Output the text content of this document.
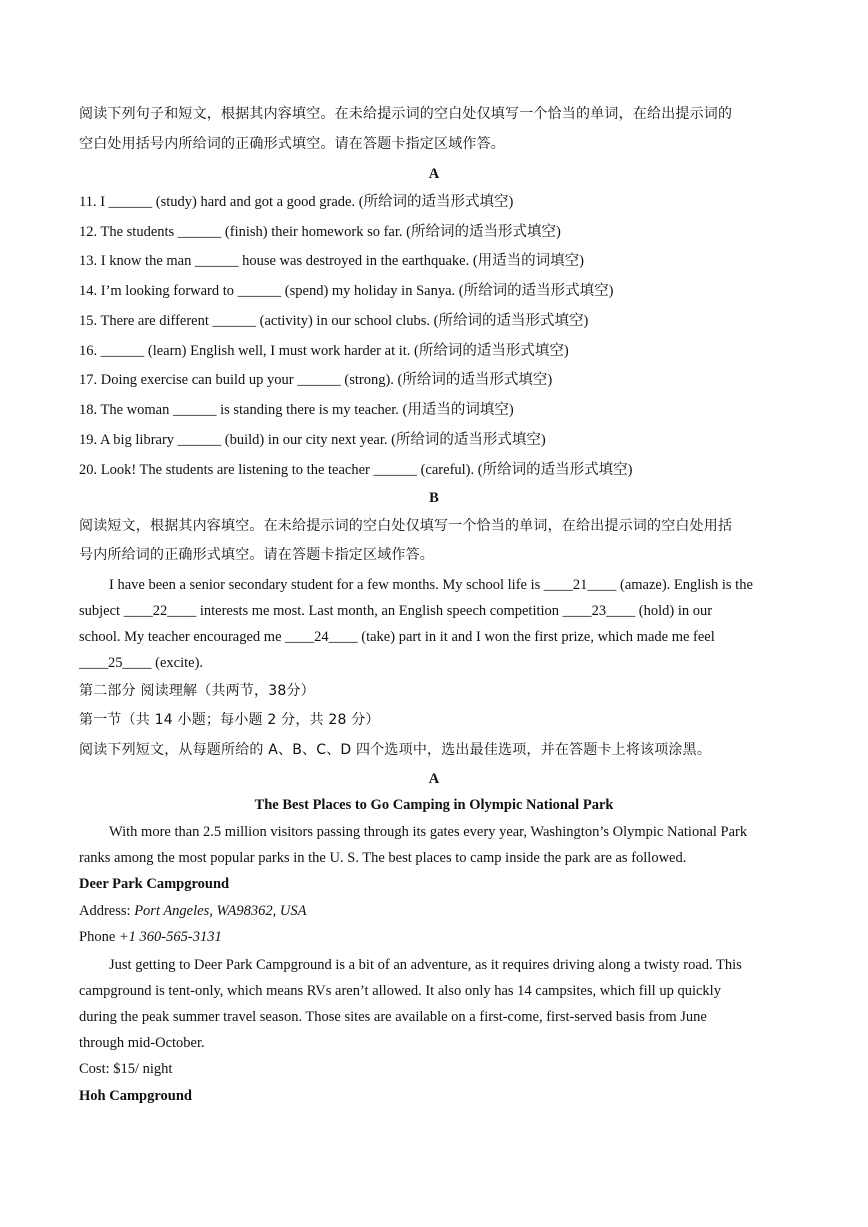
阅读下列句子和短文，根据其内容填空。在未给提示词的空白处仅填写一个恰当的单词，在给出提示词的
空白处用括号内所给词的正确形式填空。请在答题卡指定区域作答。
A
11. I ______ (study) hard and got a good grade. (所给词的适当形式填空)
12. The students ______ (finish) their homework so far. (所给词的适当形式填空)
13. I know the man ______ house was destroyed in the earthquake. (用适当的词填空)
14. I’m looking forward to ______ (spend) my holiday in Sanya. (所给词的适当形式填空)
15. There are different ______ (activity) in our school clubs. (所给词的适当形式填空)
16. ______ (learn) English well, I must work harder at it. (所给词的适当形式填空)
17. Doing exercise can build up your ______ (strong). (所给词的适当形式填空)
18. The woman ______ is standing there is my teacher. (用适当的词填空)
19. A big library ______ (build) in our city next year. (所给词的适当形式填空)
20. Look! The students are listening to the teacher ______ (careful). (所给词的适当形式填空)
B
阅读短文，根据其内容填空。在未给提示词的空白处仅填写一个恰当的单词，在给出提示词的空白处用括
号内所给词的正确形式填空。请在答题卡指定区域作答。
I have been a senior secondary student for a few months. My school life is ____21____ (amaze). English is the
subject ____22____ interests me most. Last month, an English speech competition ____23____ (hold) in our
school. My teacher encouraged me ____24____ (take) part in it and I won the first prize, which made me feel
____25____ (excite).
第二部分 阅读理解（共两节，38分）
第一节（共 14 小题；每小题 2 分，共 28 分）
阅读下列短文，从每题所给的 A、B、C、D 四个选项中，选出最佳选项，并在答题卡上将该项涂黑。
A
The Best Places to Go Camping in Olympic National Park
With more than 2.5 million visitors passing through its gates every year, Washington’s Olympic National Park
ranks among the most popular parks in the U. S. The best places to camp inside the park are as followed.
Deer Park Campground
Address: Port Angeles, WA98362, USA
Phone +1 360-565-3131
Just getting to Deer Park Campground is a bit of an adventure, as it requires driving along a twisty road. This
campground is tent-only, which means RVs aren’t allowed. It also only has 14 campsites, which fill up quickly
during the peak summer travel season. Those sites are available on a first-come, first-served basis from June
through mid-October.
Cost: $15/ night
Hoh Campground
